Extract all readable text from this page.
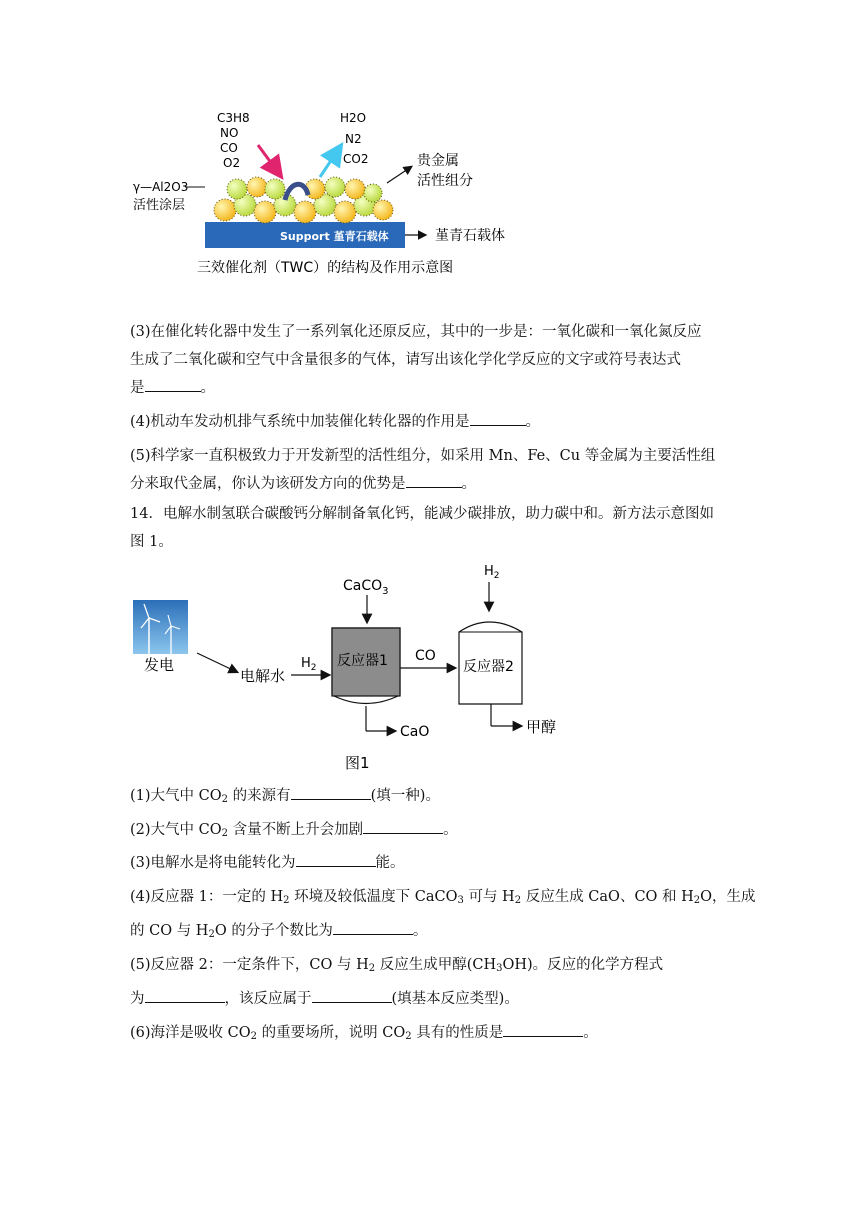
C3H8
NO
CO
O2
H2O
N2
CO2
Support 堇青石载体
γ—Al2O3
活性涂层
贵金属
活性组分
堇青石载体
三效催化剂（TWC）的结构及作用示意图
(3)在催化转化器中发生了一系列氧化还原反应，其中的一步是：一氧化碳和一氧化氮反应
生成了二氧化碳和空气中含量很多的气体，请写出该化学化学反应的文字或符号表达式
是	。
(4)机动车发动机排气系统中加装催化转化器的作用是	。
(5)科学家一直积极致力于开发新型的活性组分，如采用 Mn、Fe、Cu 等金属为主要活性组
分来取代金属，你认为该研发方向的优势是	。
14．电解水制氢联合碳酸钙分解制备氧化钙，能减少碳排放，助力碳中和。新方法示意图如
图 1。
发电
电解水
$H_2$
CaCO$_3$
反应器1
CaO
CO
$H_2$
反应器2
甲醇
图1
(1)大气中 $CO_2$ 的来源有	(填一种)。
(2)大气中 $CO_2$ 含量不断上升会加剧	。
(3)电解水是将电能转化为	能。
(4)反应器 1：一定的 $H_2$ 环境及较低温度下 CaCO$_3$ 可与 $H_2$ 反应生成 CaO、CO 和 $H_2O$，生成
的 CO 与 $H_2O$ 的分子个数比为	。
(5)反应器 2：一定条件下，CO 与 $H_2$ 反应生成甲醇$(CH_3OH)$。反应的化学方程式
为	，该反应属于	(填基本反应类型)。
(6)海洋是吸收 $CO_2$ 的重要场所，说明 $CO_2$ 具有的性质是	。
